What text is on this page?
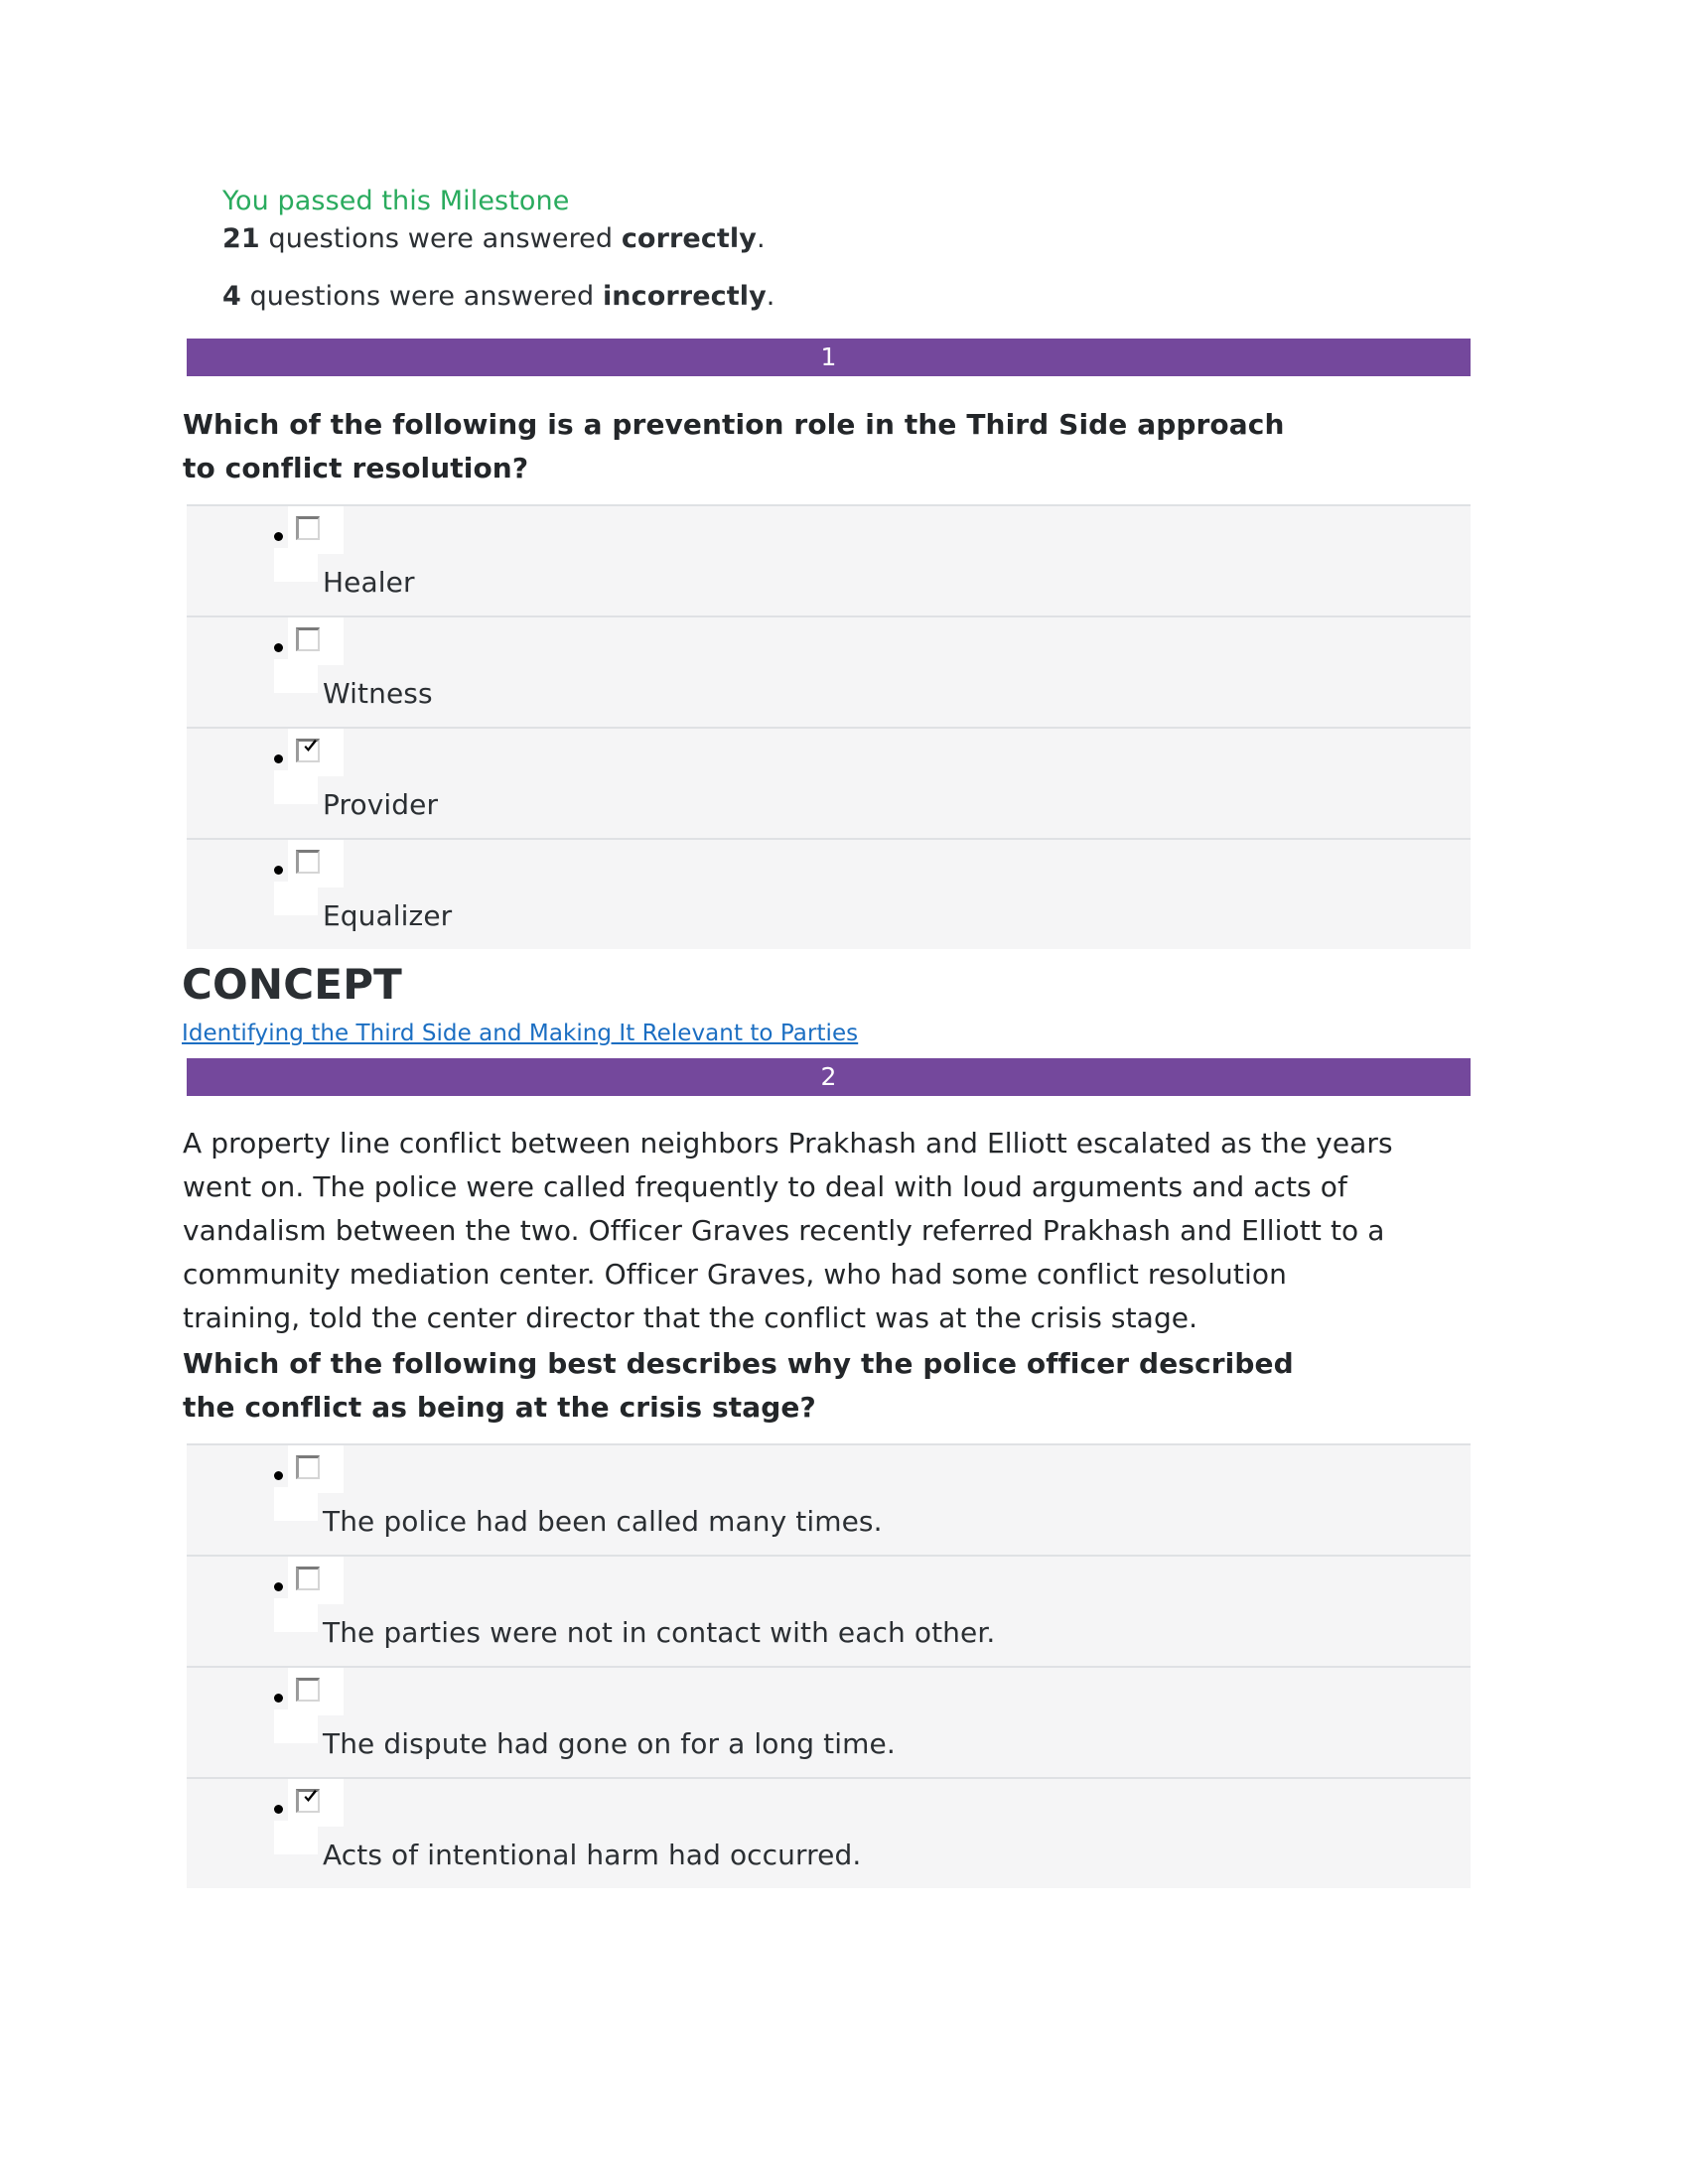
You passed this Milestone
21 questions were answered correctly.
4 questions were answered incorrectly.
1
Which of the following is a prevention role in the Third Side approach to conflict resolution?
Healer
Witness
Provider
Equalizer
CONCEPT
Identifying the Third Side and Making It Relevant to Parties
2
A property line conflict between neighbors Prakhash and Elliott escalated as the years went on. The police were called frequently to deal with loud arguments and acts of vandalism between the two. Officer Graves recently referred Prakhash and Elliott to a community mediation center. Officer Graves, who had some conflict resolution training, told the center director that the conflict was at the crisis stage.
Which of the following best describes why the police officer described the conflict as being at the crisis stage?
The police had been called many times.
The parties were not in contact with each other.
The dispute had gone on for a long time.
Acts of intentional harm had occurred.
